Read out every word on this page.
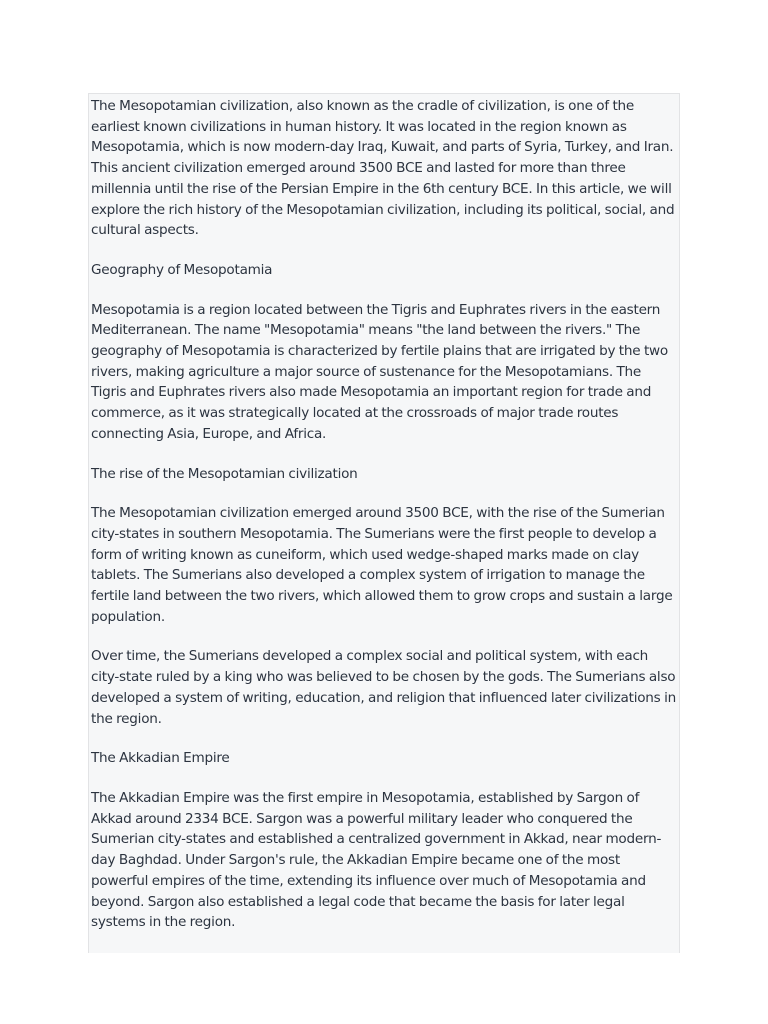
The Mesopotamian civilization, also known as the cradle of civilization, is one of the earliest known civilizations in human history. It was located in the region known as Mesopotamia, which is now modern-day Iraq, Kuwait, and parts of Syria, Turkey, and Iran. This ancient civilization emerged around 3500 BCE and lasted for more than three millennia until the rise of the Persian Empire in the 6th century BCE. In this article, we will explore the rich history of the Mesopotamian civilization, including its political, social, and cultural aspects.

Geography of Mesopotamia

Mesopotamia is a region located between the Tigris and Euphrates rivers in the eastern Mediterranean. The name "Mesopotamia" means "the land between the rivers." The geography of Mesopotamia is characterized by fertile plains that are irrigated by the two rivers, making agriculture a major source of sustenance for the Mesopotamians. The Tigris and Euphrates rivers also made Mesopotamia an important region for trade and commerce, as it was strategically located at the crossroads of major trade routes connecting Asia, Europe, and Africa.

The rise of the Mesopotamian civilization

The Mesopotamian civilization emerged around 3500 BCE, with the rise of the Sumerian city-states in southern Mesopotamia. The Sumerians were the first people to develop a form of writing known as cuneiform, which used wedge-shaped marks made on clay tablets. The Sumerians also developed a complex system of irrigation to manage the fertile land between the two rivers, which allowed them to grow crops and sustain a large population.

Over time, the Sumerians developed a complex social and political system, with each city-state ruled by a king who was believed to be chosen by the gods. The Sumerians also developed a system of writing, education, and religion that influenced later civilizations in the region.

The Akkadian Empire

The Akkadian Empire was the first empire in Mesopotamia, established by Sargon of Akkad around 2334 BCE. Sargon was a powerful military leader who conquered the Sumerian city-states and established a centralized government in Akkad, near modern-day Baghdad. Under Sargon's rule, the Akkadian Empire became one of the most powerful empires of the time, extending its influence over much of Mesopotamia and beyond. Sargon also established a legal code that became the basis for later legal systems in the region.
